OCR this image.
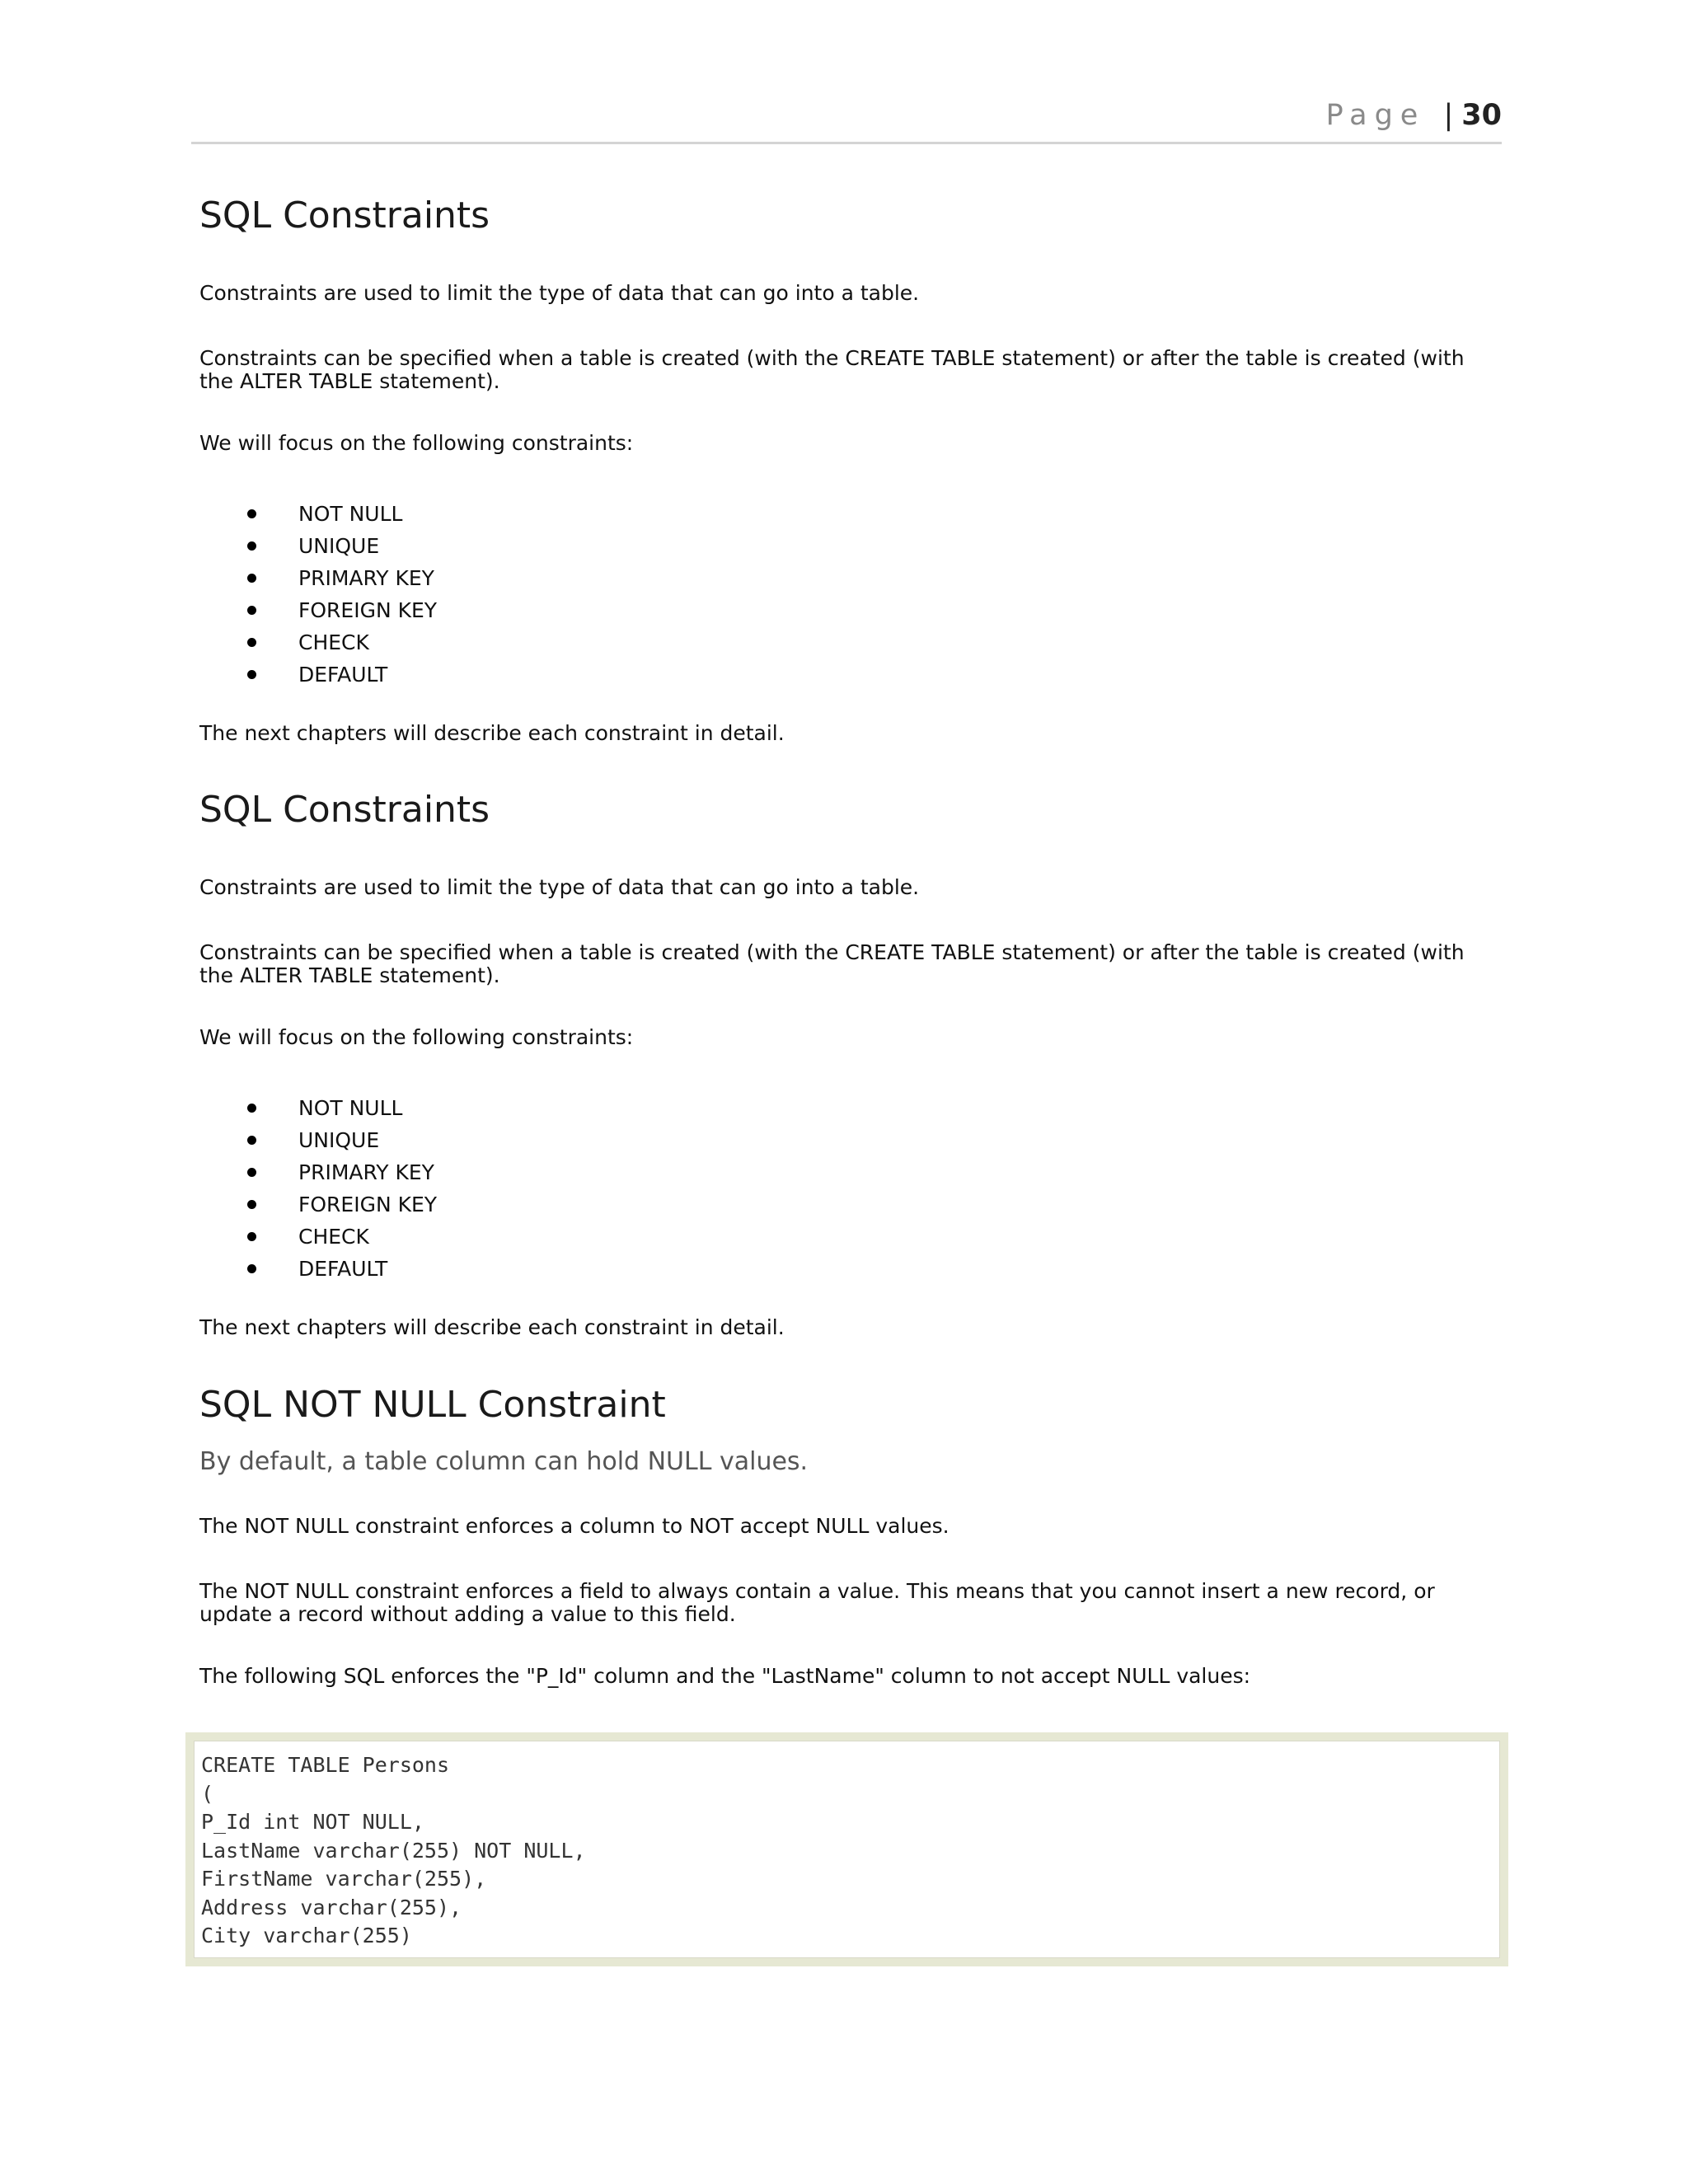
Page | 30
SQL Constraints

Constraints are used to limit the type of data that can go into a table.

Constraints can be specified when a table is created (with the CREATE TABLE statement) or after the table is created (with the ALTER TABLE statement).

We will focus on the following constraints:

NOT NULL
UNIQUE
PRIMARY KEY
FOREIGN KEY
CHECK
DEFAULT

The next chapters will describe each constraint in detail.

SQL Constraints

Constraints are used to limit the type of data that can go into a table.

Constraints can be specified when a table is created (with the CREATE TABLE statement) or after the table is created (with the ALTER TABLE statement).

We will focus on the following constraints:

NOT NULL
UNIQUE
PRIMARY KEY
FOREIGN KEY
CHECK
DEFAULT

The next chapters will describe each constraint in detail.

SQL NOT NULL Constraint

By default, a table column can hold NULL values.

The NOT NULL constraint enforces a column to NOT accept NULL values.

The NOT NULL constraint enforces a field to always contain a value. This means that you cannot insert a new record, or update a record without adding a value to this field.

The following SQL enforces the "P_Id" column and the "LastName" column to not accept NULL values:

CREATE TABLE Persons
(
P_Id int NOT NULL,
LastName varchar(255) NOT NULL,
FirstName varchar(255),
Address varchar(255),
City varchar(255)
